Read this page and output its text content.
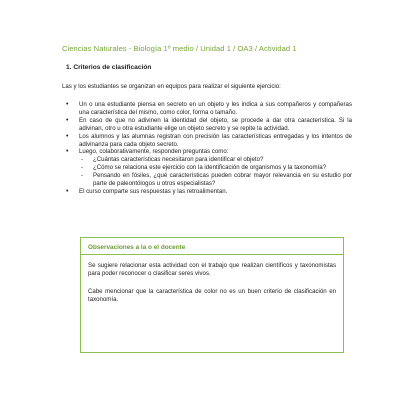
Ciencias Naturales - Biología 1º medio / Unidad 1 / OA3 / Actividad 1
1. Criterios de clasificación
Las y los estudiantes se organizan en equipos para realizar el siguiente ejercicio:
• Un o una estudiante piensa en secreto en un objeto y les indica a sus compañeros y compañeras una característica del mismo, como color, forma o tamaño.
• En caso de que no adivinen la identidad del objeto, se procede a dar otra característica. Si la adivinan, otro u otra estudiante elige un objeto secreto y se repite la actividad.
• Los alumnos y las alumnas registran con precisión las características entregadas y los intentos de adivinanza para cada objeto secreto.
• Luego, colaborativamente, responden preguntas como:
- ¿Cuántas características necesitaron para identificar el objeto?
- ¿Cómo se relaciona este ejercicio con la identificación de organismos y la taxonomía?
- Pensando en fósiles, ¿qué características pueden cobrar mayor relevancia en su estudio por parte de paleontólogos u otros especialistas?
• El curso comparte sus respuestas y las retroalimentan.
Observaciones a la o el docente
Se sugiere relacionar esta actividad con el trabajo que realizan científicos y taxonomistas para poder reconocer o clasificar seres vivos.
Cabe mencionar que la característica de color no es un buen criterio de clasificación en taxonomía.
